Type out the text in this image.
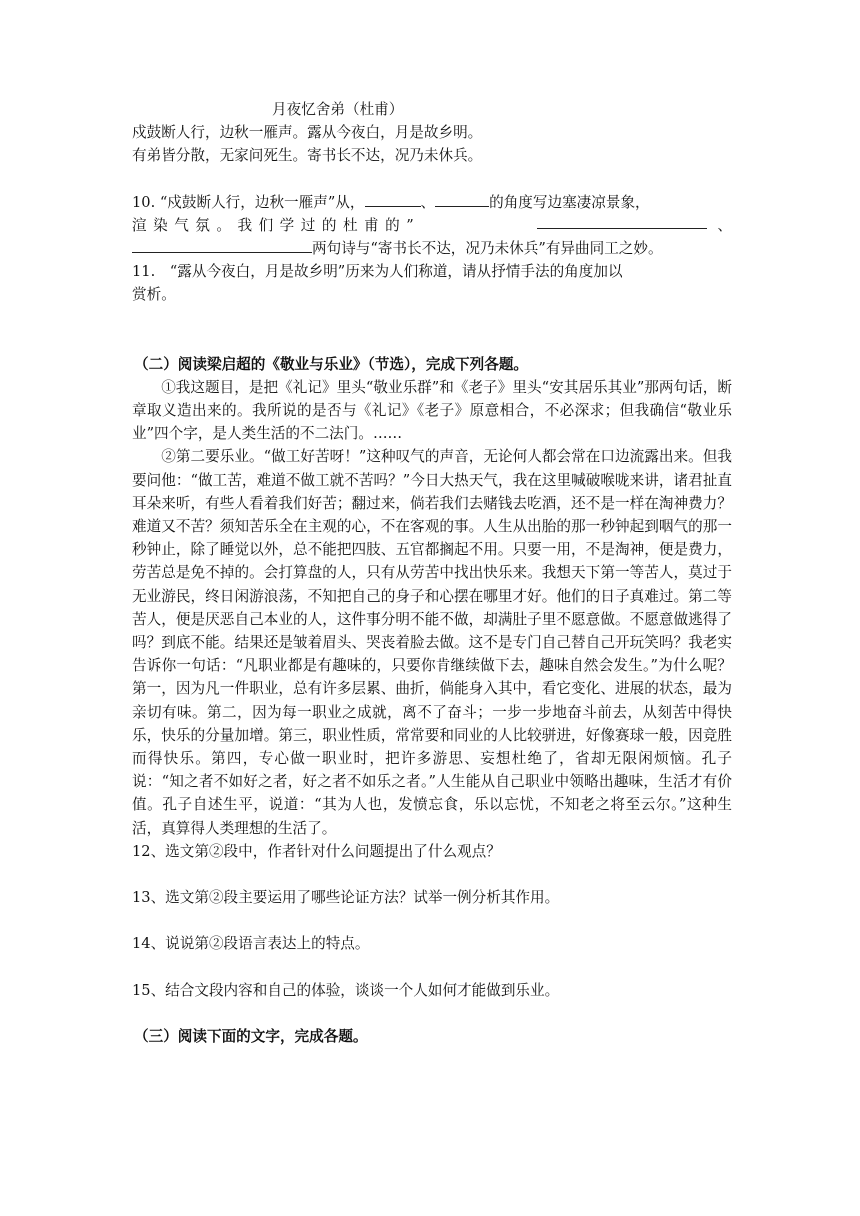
月夜忆舍弟（杜甫）
戍鼓断人行，边秋一雁声。露从今夜白，月是故乡明。
有弟皆分散，无家问死生。寄书长不达，况乃未休兵。
10. “戍鼓断人行，边秋一雁声”从，	、	的角度写边塞凄凉景象，
渲染气氛。我们学过的杜甫的”	、
两句诗与“寄书长不达，况乃未休兵”有异曲同工之妙。
11.　“露从今夜白，月是故乡明”历来为人们称道，请从抒情手法的角度加以
赏析。
（二）阅读梁启超的《敬业与乐业》（节选），完成下列各题。
①我这题目，是把《礼记》里头“敬业乐群”和《老子》里头“安其居乐其业”那两句话，断章取义造出来的。我所说的是否与《礼记》《老子》原意相合，不必深求；但我确信“敬业乐业”四个字，是人类生活的不二法门。……
②第二要乐业。“做工好苦呀！”这种叹气的声音，无论何人都会常在口边流露出来。但我要问他：“做工苦，难道不做工就不苦吗？”今日大热天气，我在这里喊破喉咙来讲，诸君扯直耳朵来听，有些人看着我们好苦；翻过来，倘若我们去赌钱去吃酒，还不是一样在淘神费力？难道又不苦？须知苦乐全在主观的心，不在客观的事。人生从出胎的那一秒钟起到咽气的那一秒钟止，除了睡觉以外，总不能把四肢、五官都搁起不用。只要一用，不是淘神，便是费力，劳苦总是免不掉的。会打算盘的人，只有从劳苦中找出快乐来。我想天下第一等苦人，莫过于无业游民，终日闲游浪荡，不知把自己的身子和心摆在哪里才好。他们的日子真难过。第二等苦人，便是厌恶自己本业的人，这件事分明不能不做，却满肚子里不愿意做。不愿意做逃得了吗？到底不能。结果还是皱着眉头、哭丧着脸去做。这不是专门自己替自己开玩笑吗？我老实告诉你一句话：“凡职业都是有趣味的，只要你肯继续做下去，趣味自然会发生。”为什么呢？第一，因为凡一件职业，总有许多层累、曲折，倘能身入其中，看它变化、进展的状态，最为亲切有味。第二，因为每一职业之成就，离不了奋斗；一步一步地奋斗前去，从刻苦中得快乐，快乐的分量加增。第三，职业性质，常常要和同业的人比较骈进，好像赛球一般，因竞胜而得快乐。第四，专心做一职业时，把许多游思、妄想杜绝了，省却无限闲烦恼。孔子说：“知之者不如好之者，好之者不如乐之者。”人生能从自己职业中领略出趣味，生活才有价值。孔子自述生平，说道：“其为人也，发愤忘食，乐以忘忧，不知老之将至云尔。”这种生活，真算得人类理想的生活了。
12、选文第②段中，作者针对什么问题提出了什么观点？
13、选文第②段主要运用了哪些论证方法？试举一例分析其作用。
14、说说第②段语言表达上的特点。
15、结合文段内容和自己的体验，谈谈一个人如何才能做到乐业。
（三）阅读下面的文字，完成各题。
